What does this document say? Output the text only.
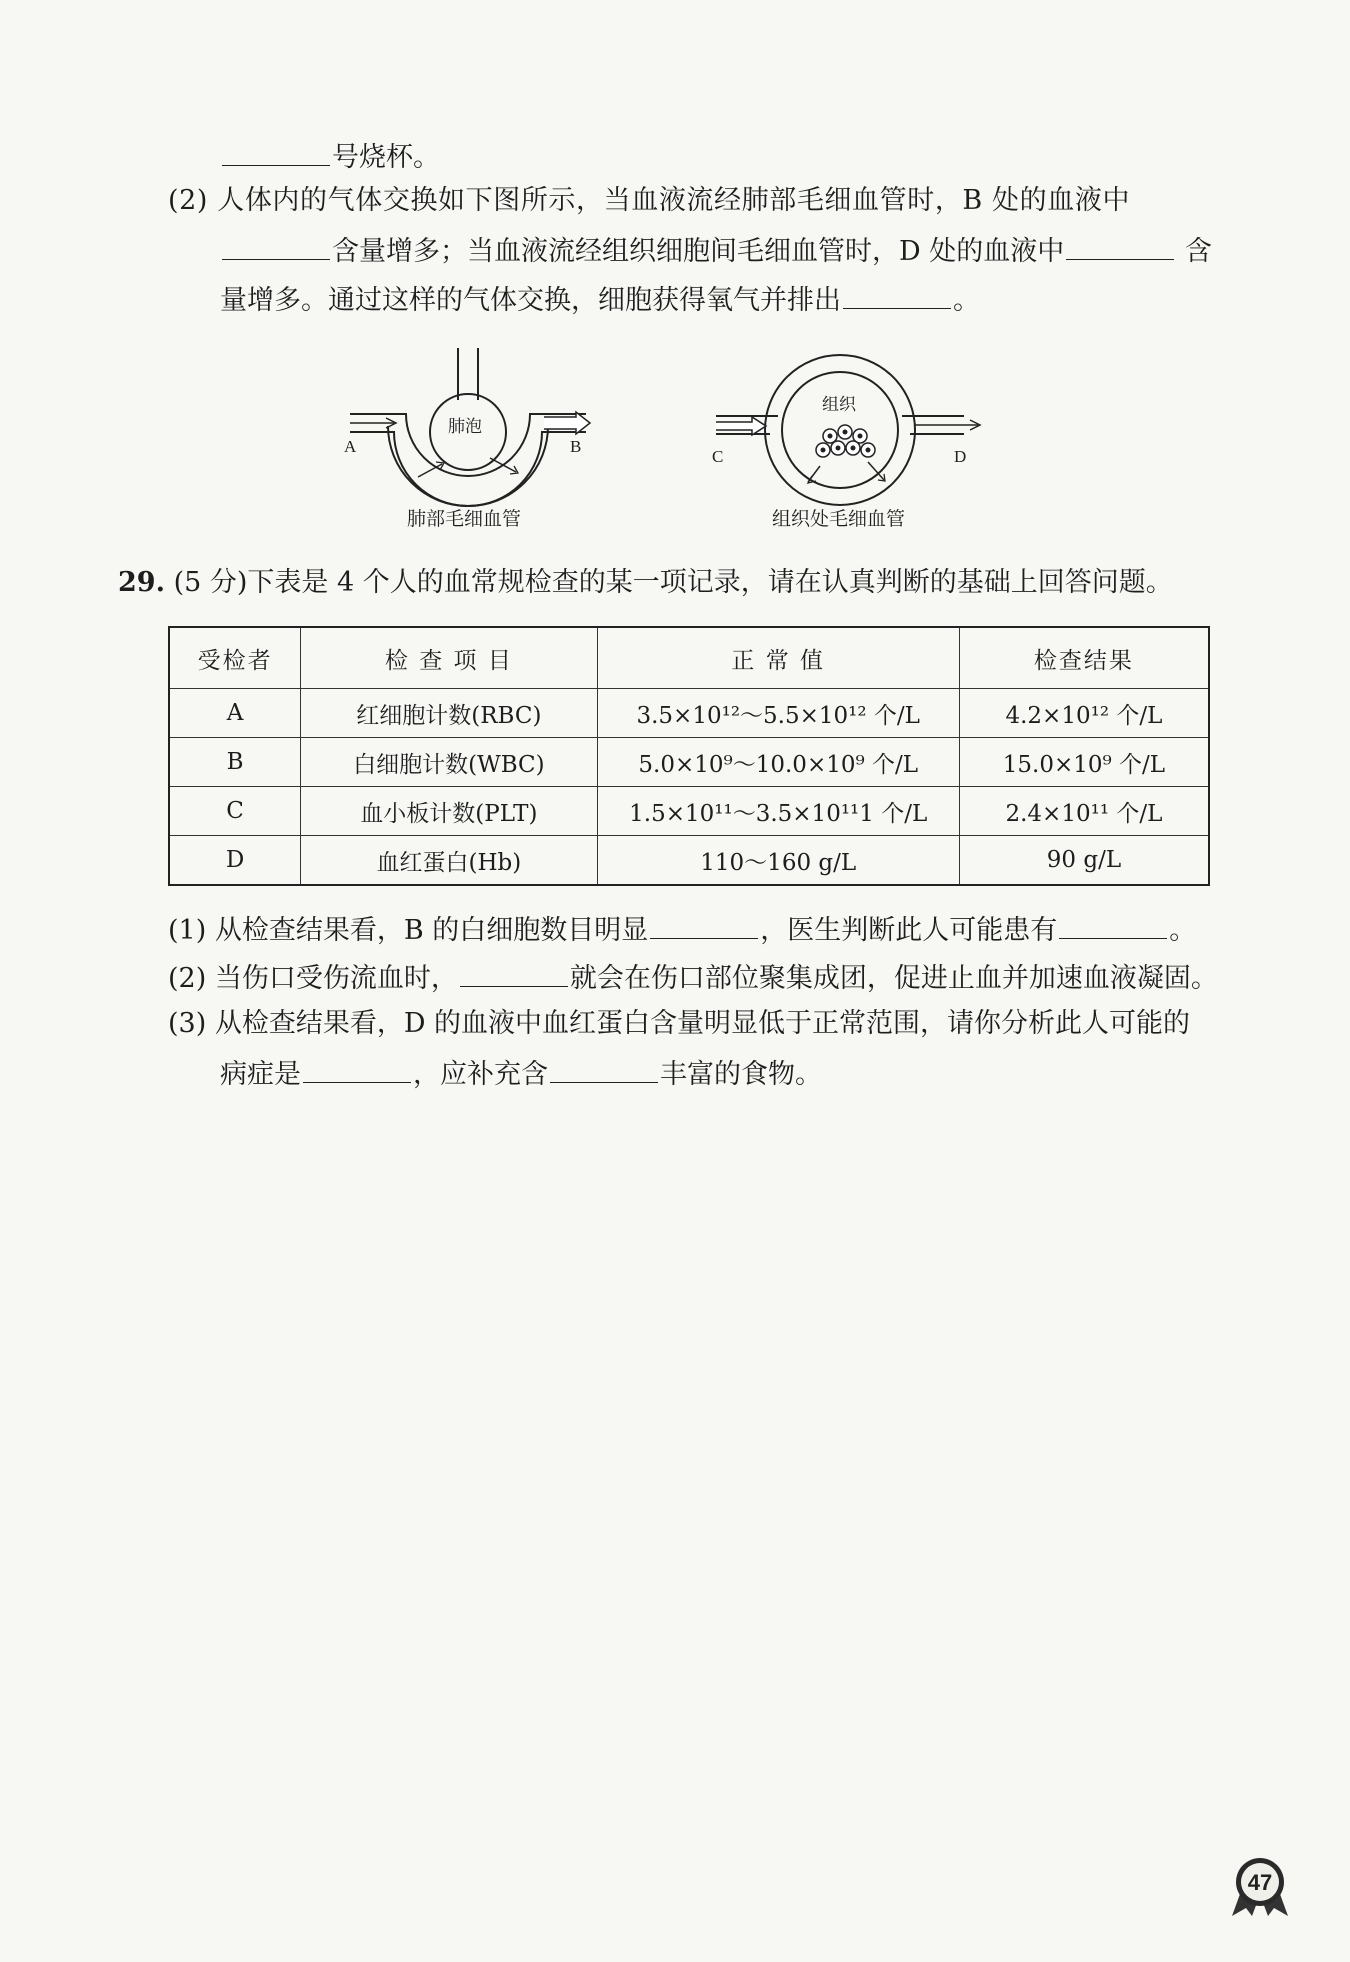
号烧杯。
(2) 人体内的气体交换如下图所示，当血液流经肺部毛细血管时，B 处的血液中
含量增多；当血液流经组织细胞间毛细血管时，D 处的血液中	含
量增多。通过这样的气体交换，细胞获得氧气并排出	。
肺泡
A	B
肺部毛细血管
组织
C	D
组织处毛细血管
29. (5 分)下表是 4 个人的血常规检查的某一项记录，请在认真判断的基础上回答问题。
受检者	检 查 项 目	正 常 值	检查结果
A	红细胞计数(RBC)	3.5×10¹²～5.5×10¹² 个/L	4.2×10¹² 个/L
B	白细胞计数(WBC)	5.0×10⁹～10.0×10⁹ 个/L	15.0×10⁹ 个/L
C	血小板计数(PLT)	1.5×10¹¹～3.5×10¹¹1 个/L	2.4×10¹¹ 个/L
D	血红蛋白(Hb)	110～160 g/L	90 g/L
(1) 从检查结果看，B 的白细胞数目明显	，医生判断此人可能患有	。
(2) 当伤口受伤流血时，	就会在伤口部位聚集成团，促进止血并加速血液凝固。
(3) 从检查结果看，D 的血液中血红蛋白含量明显低于正常范围，请你分析此人可能的
病症是	，应补充含	丰富的食物。
47
